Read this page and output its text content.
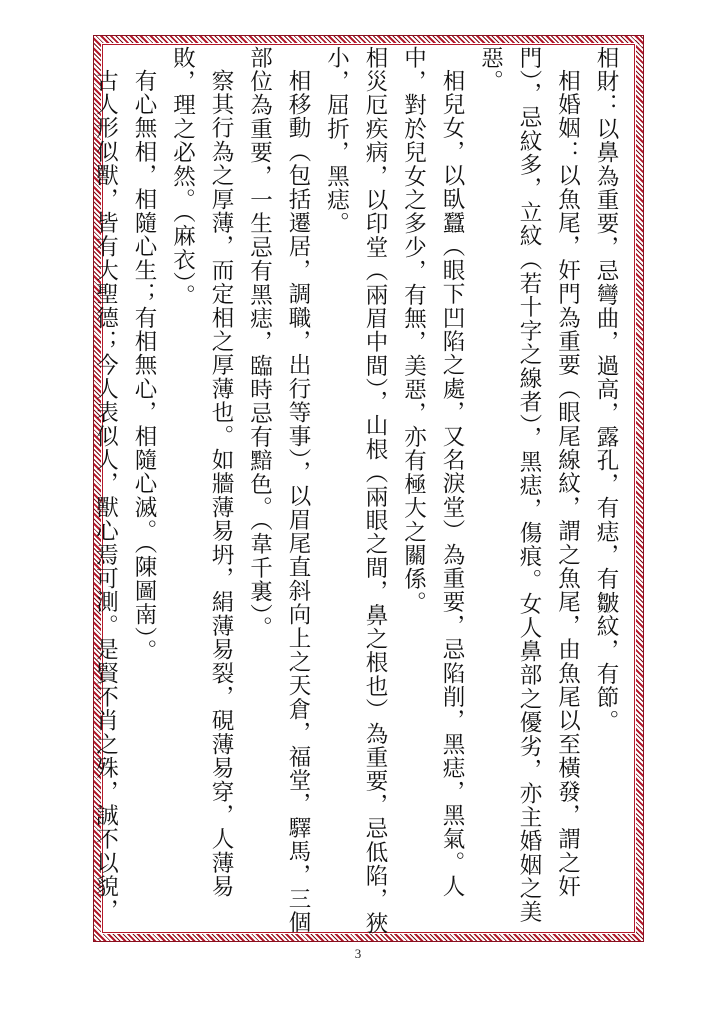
相財：以鼻為重要，忌彎曲，過高，露孔，有痣，有皺紋，有節。

相婚姻：以魚尾，奸門為重要（眼尾線紋，謂之魚尾，由魚尾以至橫發，謂之奸門），忌紋多，立紋（若十字之線者），黑痣，傷痕。女人鼻部之優劣，亦主婚姻之美惡。

相兒女，以臥蠶（眼下凹陷之處，又名淚堂）為重要，忌陷削，黑痣，黑氣。人中，對於兒女之多少，有無，美惡，亦有極大之關係。

相災厄疾病，以印堂（兩眉中間），山根（兩眼之間，鼻之根也）為重要，忌低陷，狹小，屈折，黑痣。

相移動（包括遷居，調職，出行等事），以眉尾直斜向上之天倉，福堂，驛馬，三個部位為重要，一生忌有黑痣，臨時忌有黯色。（韋千裏）。

察其行為之厚薄，而定相之厚薄也。如牆薄易坍，絹薄易裂，硯薄易穿，人薄易敗，理之必然。（麻衣）。

有心無相，相隨心生；有相無心，相隨心滅。（陳圖南）。

古人形似獸，皆有大聖德；今人表似人，獸心焉可測。是賢不肖之殊，誠不以貌，

3
